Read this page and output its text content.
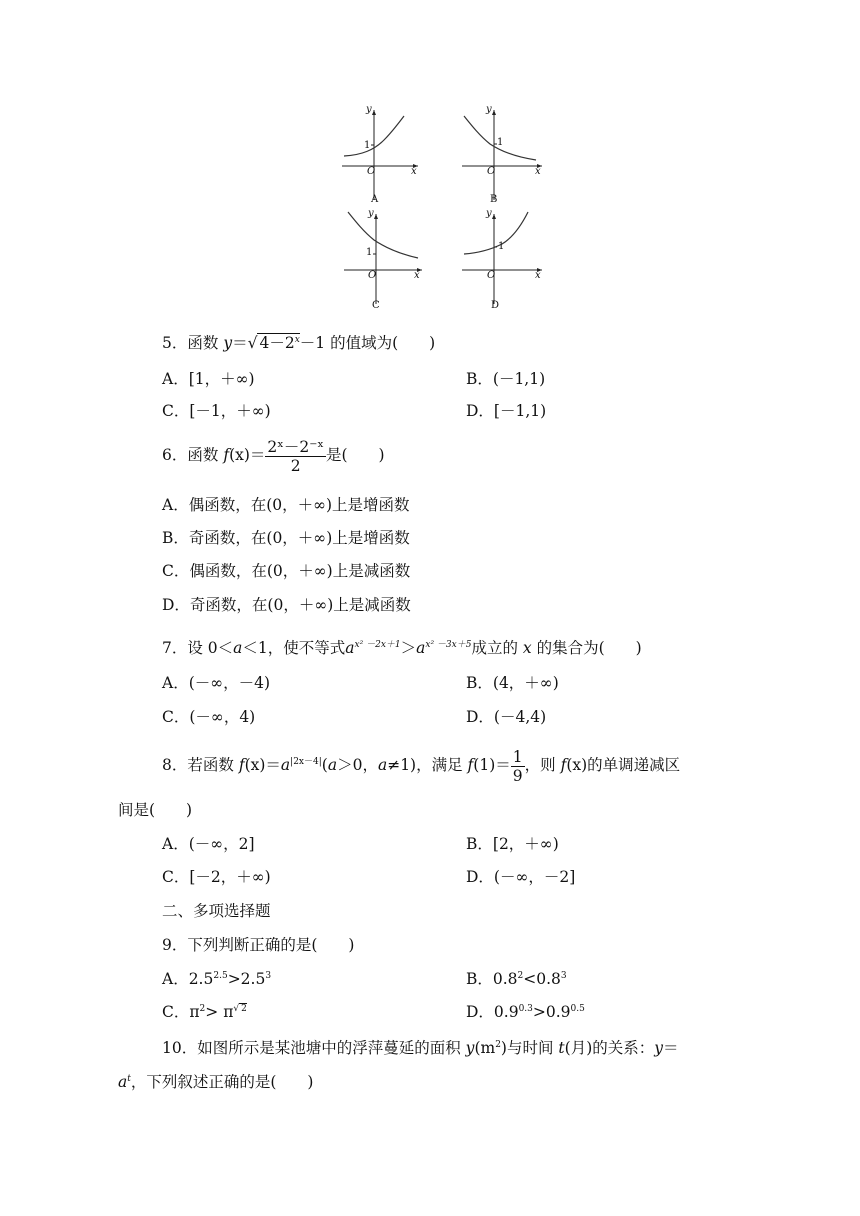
y
1
O	x
A
y
1
O	x
B
y
1
O	x
C
y
1
O	x
D
5．函数 y＝√ $4-2^x-1$ 的值域为(　　)
A．[1，＋∞)	B．(－1,1)
C．[－1，＋∞)	D．[－1,1)
6．函数 $f(x)= \frac{\text{2ˣ－2⁻ˣ}}{2}$ 是(　　)
A．偶函数，在(0，＋∞)上是增函数
B．奇函数，在(0，＋∞)上是增函数
C．偶函数，在(0，＋∞)上是减函数
D．奇函数，在(0，＋∞)上是减函数
7．设 0＜a＜1，使不等式$a^{x^2 -2x+1}>a^{x^2 -3x+5}$成立的 x 的集合为(　　)
A．(－∞，－4)	B．(4，＋∞)
C．(－∞，4)	D．(－4,4)
8．若函数 $f(x)=a^{|2x-4|}(a>0$，a≠1)，满足 $f(1)= \frac{1}{9}$ ，则 f(x)的单调递减区
间是(　　)
A．(－∞，2]	B．[2，＋∞)
C．[－2，＋∞)	D．(－∞，－2]
二、多项选择题
9．下列判断正确的是(　　)
A．$2.5^{2.5}>2.5^3$	B．$0.8^2<0.8^3$
C．$\pi^2> \pi^{√ 2}$	D．$0.9^{0.3}>0.9^{0.5}$
10．如图所示是某池塘中的浮萍蔓延的面积 $y(m^2)$与时间 t(月)的关系：y＝
$a^t$，下列叙述正确的是(　　)
